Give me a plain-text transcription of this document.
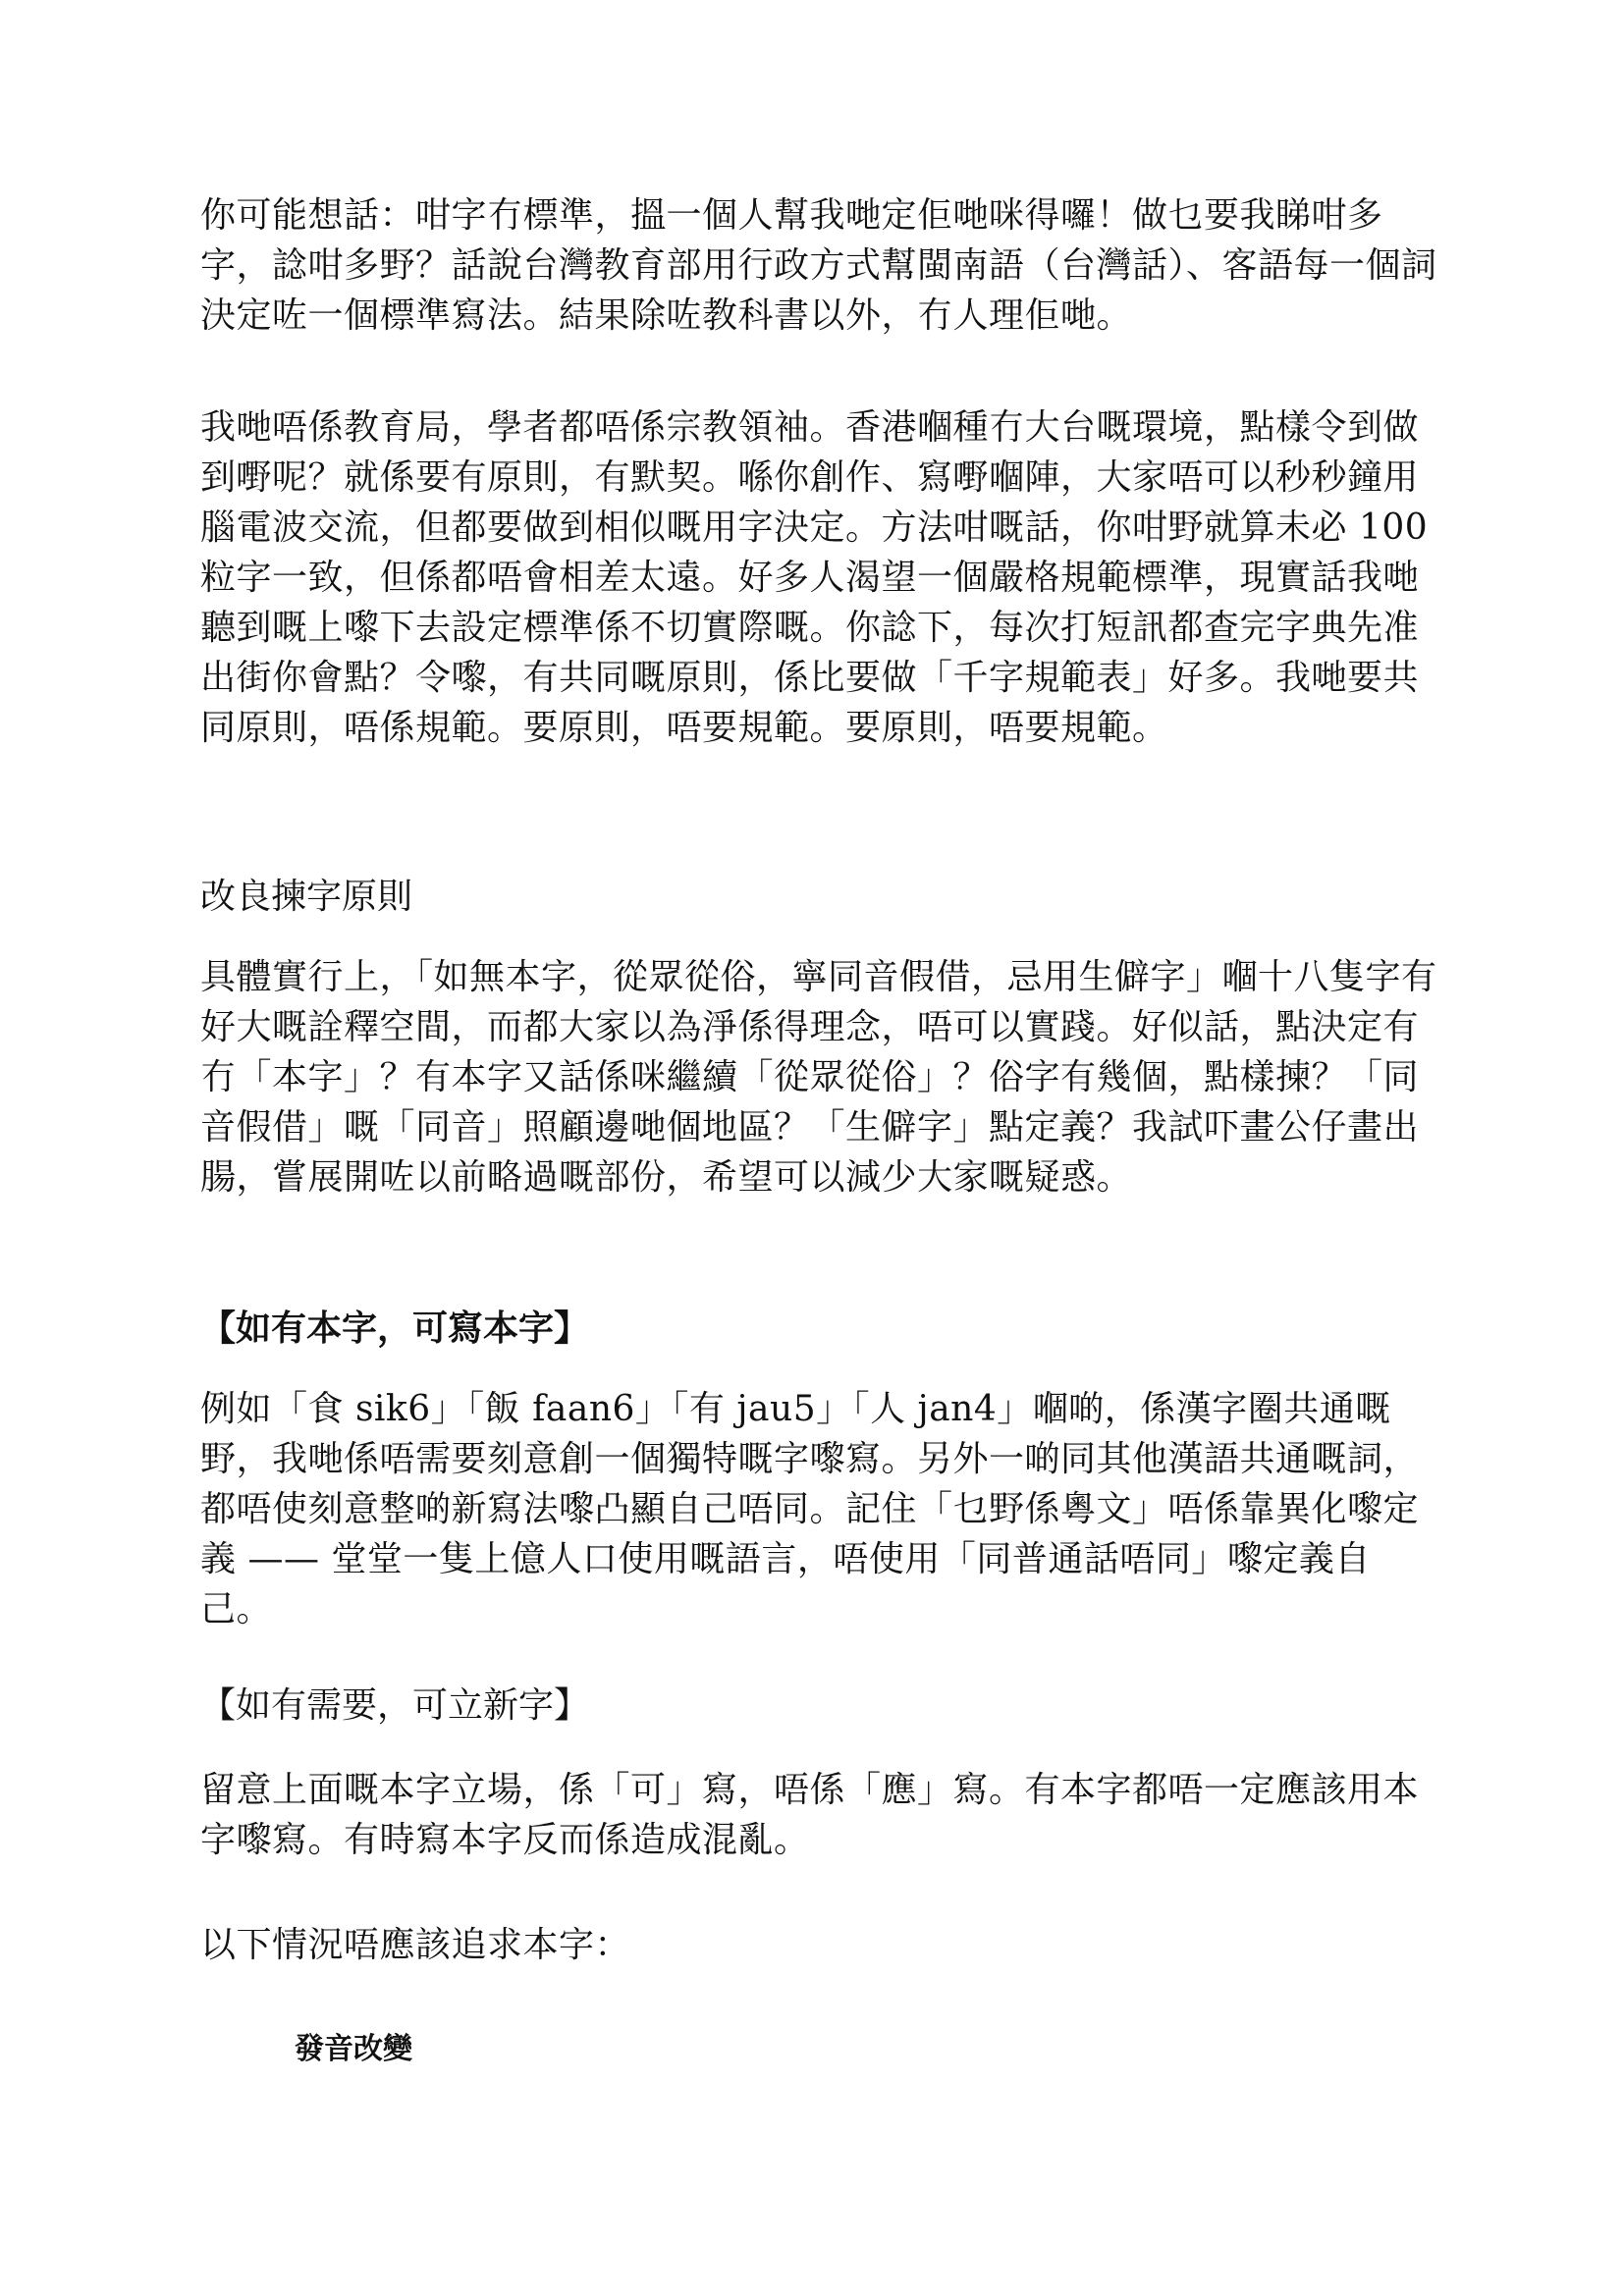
你可能想話：咁字冇標準，搵一個人幫我哋定佢哋咪得囉！做乜要我睇咁多字，諗咁多野？話說台灣教育部用行政方式幫閩南語（台灣話）、客語每一個詞決定咗一個標準寫法。結果除咗教科書以外，冇人理佢哋。

我哋唔係教育局，學者都唔係宗教領袖。香港嗰種冇大台嘅環境，點樣令到做到嘢呢？就係要有原則，有默契。喺你創作、寫嘢嗰陣，大家唔可以秒秒鐘用腦電波交流，但都要做到相似嘅用字決定。方法咁嘅話，你咁野就算未必 100 粒字一致，但係都唔會相差太遠。好多人渴望一個嚴格規範標準，現實話我哋聽到嘅上嚟下去設定標準係不切實際嘅。你諗下，每次打短訊都查完字典先准出街你會點？令嚟，有共同嘅原則，係比要做「千字規範表」好多。我哋要共同原則，唔係規範。要原則，唔要規範。要原則，唔要規範。

改良揀字原則

具體實行上，「如無本字，從眾從俗，寧同音假借，忌用生僻字」嗰十八隻字有好大嘅詮釋空間，而都大家以為淨係得理念，唔可以實踐。好似話，點決定有冇「本字」？有本字又話係咪繼續「從眾從俗」？俗字有幾個，點樣揀？「同音假借」嘅「同音」照顧邊哋個地區？「生僻字」點定義？我試吓畫公仔畫出腸，嘗展開咗以前略過嘅部份，希望可以減少大家嘅疑惑。

【如有本字，可寫本字】

例如「食 sik6」「飯 faan6」「有 jau5」「人 jan4」嗰啲，係漢字圈共通嘅野，我哋係唔需要刻意創一個獨特嘅字嚟寫。另外一啲同其他漢語共通嘅詞，都唔使刻意整啲新寫法嚟凸顯自己唔同。記住「乜野係粵文」唔係靠異化嚟定義 —— 堂堂一隻上億人口使用嘅語言，唔使用「同普通話唔同」嚟定義自己。

【如有需要，可立新字】

留意上面嘅本字立場，係「可」寫，唔係「應」寫。有本字都唔一定應該用本字嚟寫。有時寫本字反而係造成混亂。

以下情況唔應該追求本字：

發音改變
